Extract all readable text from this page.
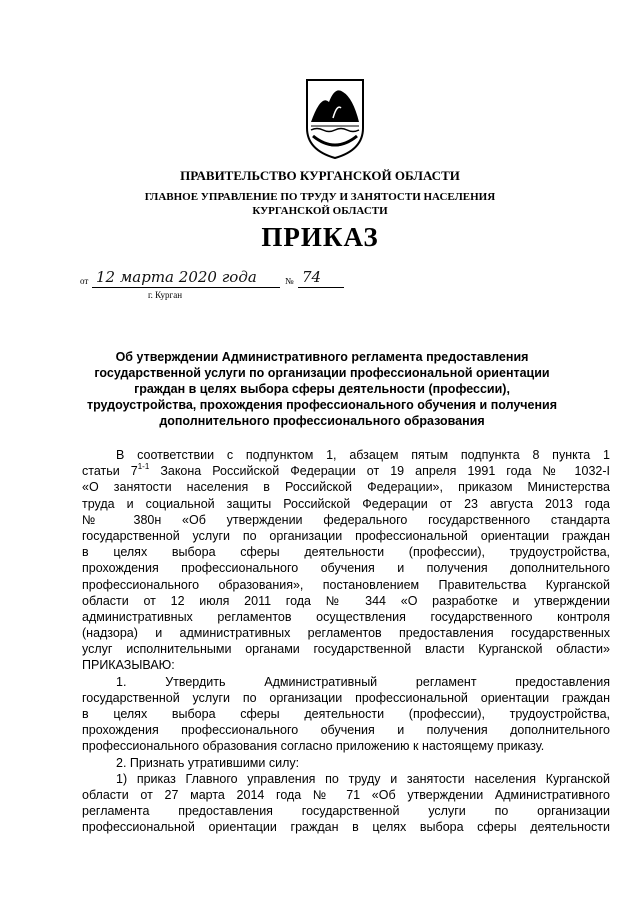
ПРАВИТЕЛЬСТВО КУРГАНСКОЙ ОБЛАСТИ
ГЛАВНОЕ УПРАВЛЕНИЕ ПО ТРУДУ И ЗАНЯТОСТИ НАСЕЛЕНИЯ
КУРГАНСКОЙ ОБЛАСТИ
ПРИКАЗ
от 12 марта 2020 года	№ 74
г. Курган
Об утверждении Административного регламента предоставления
государственной услуги по организации профессиональной ориентации
граждан в целях выбора сферы деятельности (профессии),
трудоустройства, прохождения профессионального обучения и получения
дополнительного профессионального образования
В соответствии с подпунктом 1, абзацем пятым подпункта 8 пункта 1
статьи 7$^{1-1}$ Закона Российской Федерации от 19 апреля 1991 года № 1032-I
«О занятости населения в Российской Федерации», приказом Министерства
труда и социальной защиты Российской Федерации от 23 августа 2013 года
№ 380н «Об утверждении федерального государственного стандарта
государственной услуги по организации профессиональной ориентации граждан
в целях выбора сферы деятельности (профессии), трудоустройства,
прохождения профессионального обучения и получения дополнительного
профессионального образования», постановлением Правительства Курганской
области от 12 июля 2011 года № 344 «О разработке и утверждении
административных регламентов осуществления государственного контроля
(надзора) и административных регламентов предоставления государственных
услуг исполнительными органами государственной власти Курганской области»
ПРИКАЗЫВАЮ:
1. Утвердить Административный регламент предоставления
государственной услуги по организации профессиональной ориентации граждан
в целях выбора сферы деятельности (профессии), трудоустройства,
прохождения профессионального обучения и получения дополнительного
профессионального образования согласно приложению к настоящему приказу.
2. Признать утратившими силу:
1) приказ Главного управления по труду и занятости населения Курганской
области от 27 марта 2014 года № 71 «Об утверждении Административного
регламента предоставления государственной услуги по организации
профессиональной ориентации граждан в целях выбора сферы деятельности
